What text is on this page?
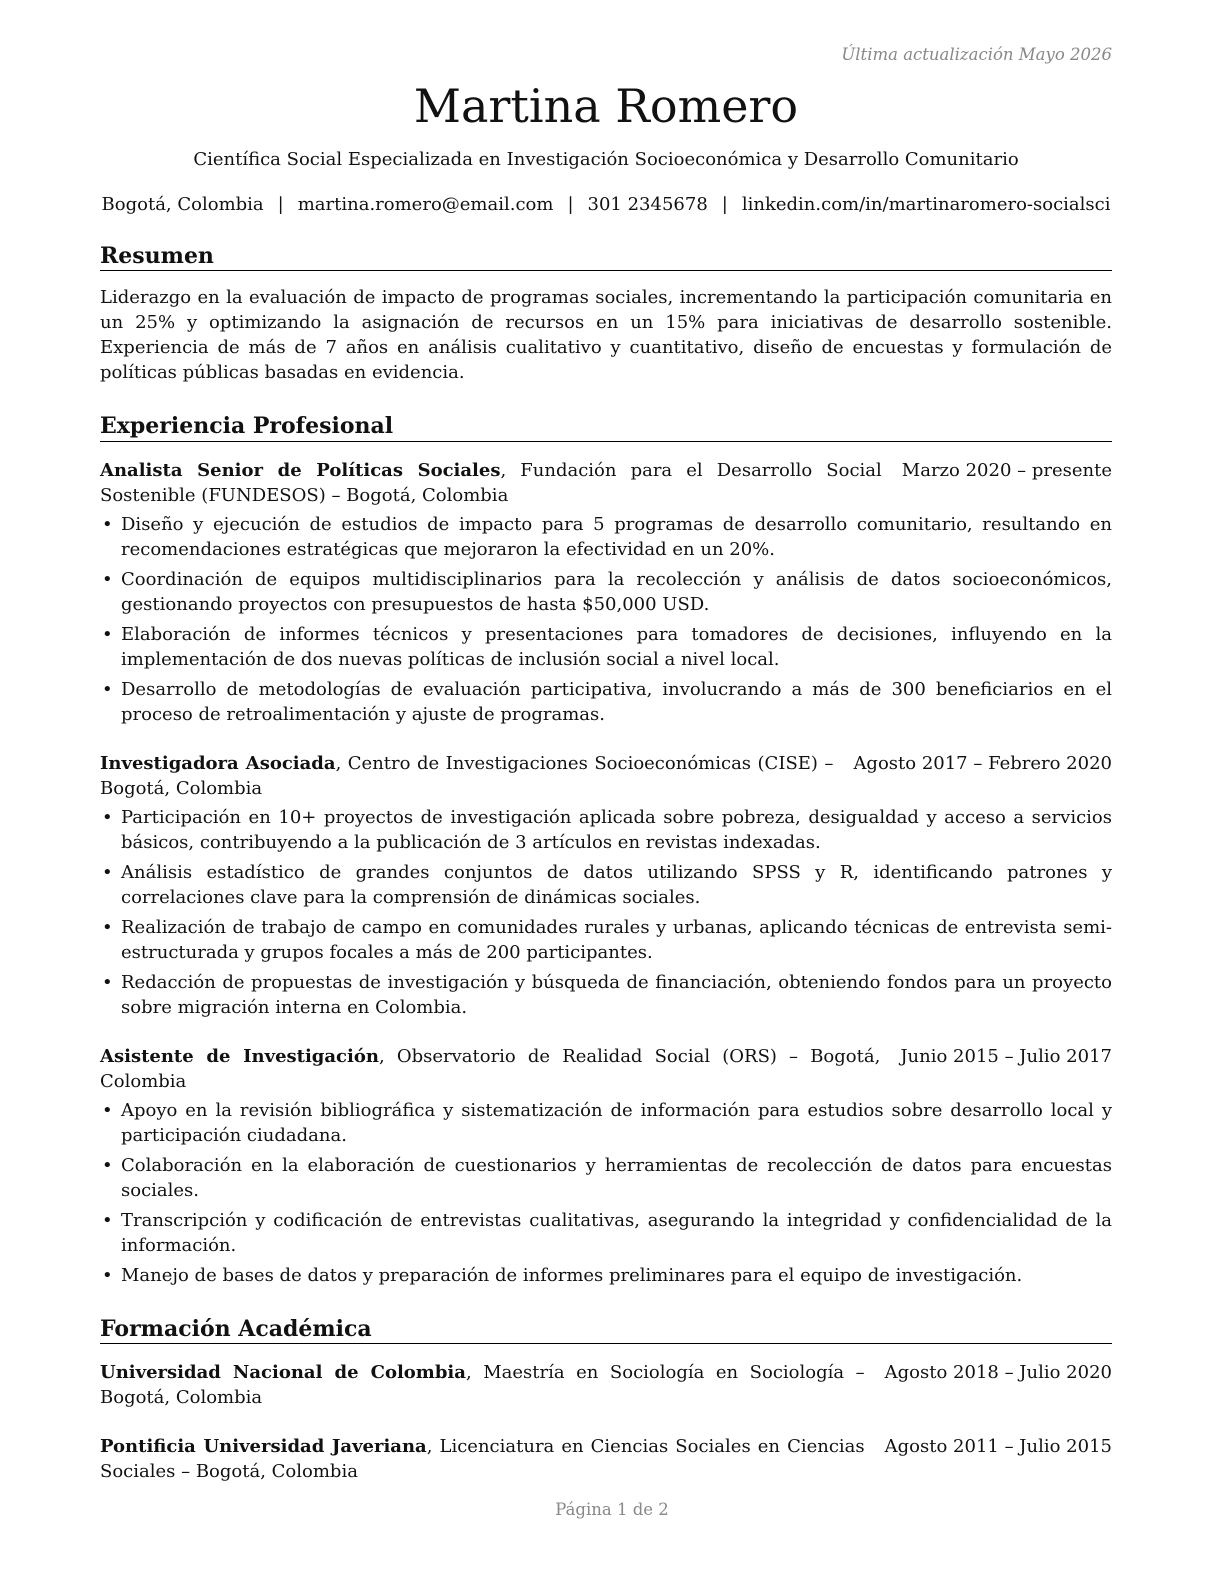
Última actualización Mayo 2026
Martina Romero
Científica Social Especializada en Investigación Socioeconómica y Desarrollo Comunitario
Bogotá, Colombia | martina.romero@email.com | 301 2345678 | linkedin.com/in/martinaromero-socialsci
Resumen
Liderazgo en la evaluación de impacto de programas sociales, incrementando la participación comunitaria en un 25% y optimizando la asignación de recursos en un 15% para iniciativas de desarrollo sostenible. Experiencia de más de 7 años en análisis cualitativo y cuantitativo, diseño de encuestas y formulación de políticas públicas basadas en evidencia.
Experiencia Profesional
Analista Senior de Políticas Sociales, Fundación para el Desarrollo Social Sostenible (FUNDESOS) – Bogotá, Colombia
Marzo 2020 – presente
• Diseño y ejecución de estudios de impacto para 5 programas de desarrollo comunitario, resultando en recomendaciones estratégicas que mejoraron la efectividad en un 20%.
• Coordinación de equipos multidisciplinarios para la recolección y análisis de datos socioeconómicos, gestionando proyectos con presupuestos de hasta $50,000 USD.
• Elaboración de informes técnicos y presentaciones para tomadores de decisiones, influyendo en la implementación de dos nuevas políticas de inclusión social a nivel local.
• Desarrollo de metodologías de evaluación participativa, involucrando a más de 300 beneficiarios en el proceso de retroalimentación y ajuste de programas.
Investigadora Asociada, Centro de Investigaciones Socioeconómicas (CISE) – Bogotá, Colombia
Agosto 2017 – Febrero 2020
• Participación en 10+ proyectos de investigación aplicada sobre pobreza, desigualdad y acceso a servicios básicos, contribuyendo a la publicación de 3 artículos en revistas indexadas.
• Análisis estadístico de grandes conjuntos de datos utilizando SPSS y R, identificando patrones y correlaciones clave para la comprensión de dinámicas sociales.
• Realización de trabajo de campo en comunidades rurales y urbanas, aplicando técnicas de entrevista semi-estructurada y grupos focales a más de 200 participantes.
• Redacción de propuestas de investigación y búsqueda de financiación, obteniendo fondos para un proyecto sobre migración interna en Colombia.
Asistente de Investigación, Observatorio de Realidad Social (ORS) – Bogotá, Colombia
Junio 2015 – Julio 2017
• Apoyo en la revisión bibliográfica y sistematización de información para estudios sobre desarrollo local y participación ciudadana.
• Colaboración en la elaboración de cuestionarios y herramientas de recolección de datos para encuestas sociales.
• Transcripción y codificación de entrevistas cualitativas, asegurando la integridad y confidencialidad de la información.
• Manejo de bases de datos y preparación de informes preliminares para el equipo de investigación.
Formación Académica
Universidad Nacional de Colombia, Maestría en Sociología en Sociología – Bogotá, Colombia
Agosto 2018 – Julio 2020
Pontificia Universidad Javeriana, Licenciatura en Ciencias Sociales en Ciencias Sociales – Bogotá, Colombia
Agosto 2011 – Julio 2015
Página 1 de 2
